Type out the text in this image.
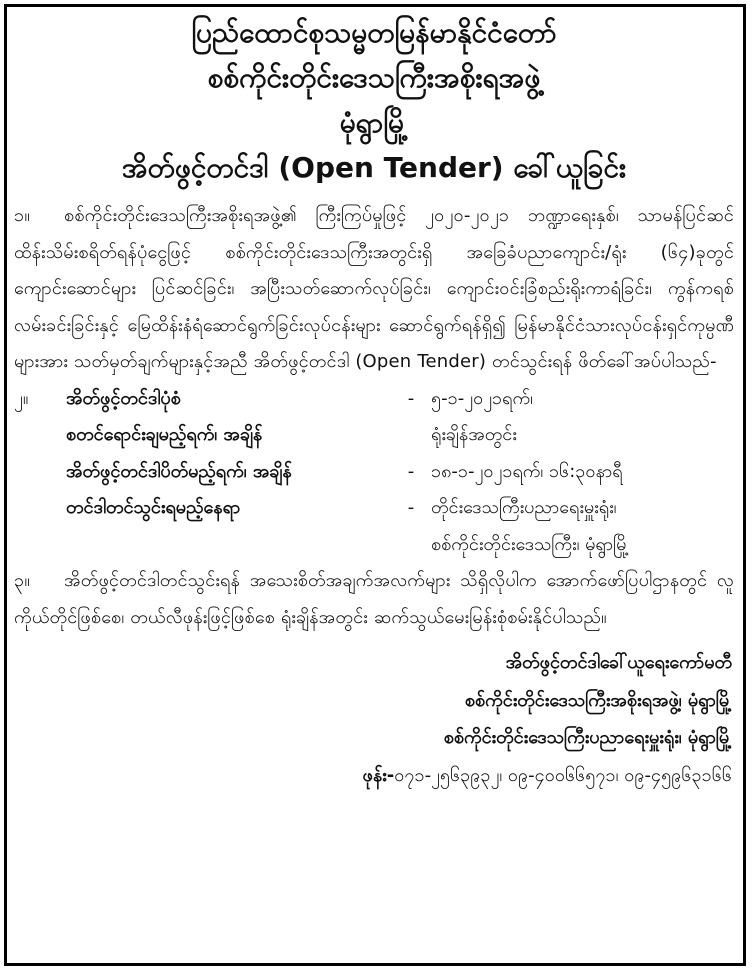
ပြည်ထောင်စုသမ္မတမြန်မာနိုင်ငံတော်
စစ်ကိုင်းတိုင်းဒေသကြီးအစိုးရအဖွဲ့
မုံရွာမြို့
အိတ်ဖွင့်တင်ဒါ (Open Tender) ခေါ်ယူခြင်း

၁။ စစ်ကိုင်းတိုင်းဒေသကြီးအစိုးရအဖွဲ့၏ ကြီးကြပ်မှုဖြင့် ၂၀၂၀-၂၀၂၁ ဘဏ္ဍာရေးနှစ်၊ သာမန်ပြင်ဆင်ထိန်းသိမ်းစရိတ်ရန်ပုံငွေဖြင့် စစ်ကိုင်းတိုင်းဒေသကြီးအတွင်းရှိ အခြေခံပညာကျောင်း/ရုံး (၆၄)ခုတွင် ကျောင်းဆောင်များ ပြင်ဆင်ခြင်း၊ အပြီးသတ်ဆောက်လုပ်ခြင်း၊ ကျောင်းဝင်းခြံစည်းရိုးကာရံခြင်း၊ ကွန်ကရစ်လမ်းခင်းခြင်းနှင့် မြေထိန်းနံရံဆောင်ရွက်ခြင်းလုပ်ငန်းများ ဆောင်ရွက်ရန်ရှိ၍ မြန်မာနိုင်ငံသားလုပ်ငန်းရှင်ကုမ္ပဏီများအား သတ်မှတ်ချက်များနှင့်အညီ အိတ်ဖွင့်တင်ဒါ (Open Tender) တင်သွင်းရန် ဖိတ်ခေါ်အပ်ပါသည်-

၂။ အိတ်ဖွင့်တင်ဒါပုံစံ	- ၅-၁-၂၀၂၁ရက်၊
စတင်ရောင်းချမည့်ရက်၊ အချိန်	ရုံးချိန်အတွင်း
အိတ်ဖွင့်တင်ဒါပိတ်မည့်ရက်၊ အချိန်	- ၁၈-၁-၂၀၂၁ရက်၊ ၁၆:၃၀နာရီ
တင်ဒါတင်သွင်းရမည့်နေရာ	- တိုင်းဒေသကြီးပညာရေးမှူးရုံး၊
စစ်ကိုင်းတိုင်းဒေသကြီး၊ မုံရွာမြို့

၃။ အိတ်ဖွင့်တင်ဒါတင်သွင်းရန် အသေးစိတ်အချက်အလက်များ သိရှိလိုပါက အောက်ဖော်ပြပါဌာနတွင် လူကိုယ်တိုင်ဖြစ်စေ၊ တယ်လီဖုန်းဖြင့်ဖြစ်စေ ရုံးချိန်အတွင်း ဆက်သွယ်မေးမြန်းစုံစမ်းနိုင်ပါသည်။

အိတ်ဖွင့်တင်ဒါခေါ်ယူရေးကော်မတီ

စစ်ကိုင်းတိုင်းဒေသကြီးအစိုးရအဖွဲ့၊ မုံရွာမြို့

စစ်ကိုင်းတိုင်းဒေသကြီးပညာရေးမှူးရုံး၊ မုံရွာမြို့

ဖုန်း-၀၇၁-၂၅၆၃၉၃၂၊ ၀၉-၄၀၀၆၆၅၇၁၊ ၀၉-၄၅၉၆၃၁၆၆
